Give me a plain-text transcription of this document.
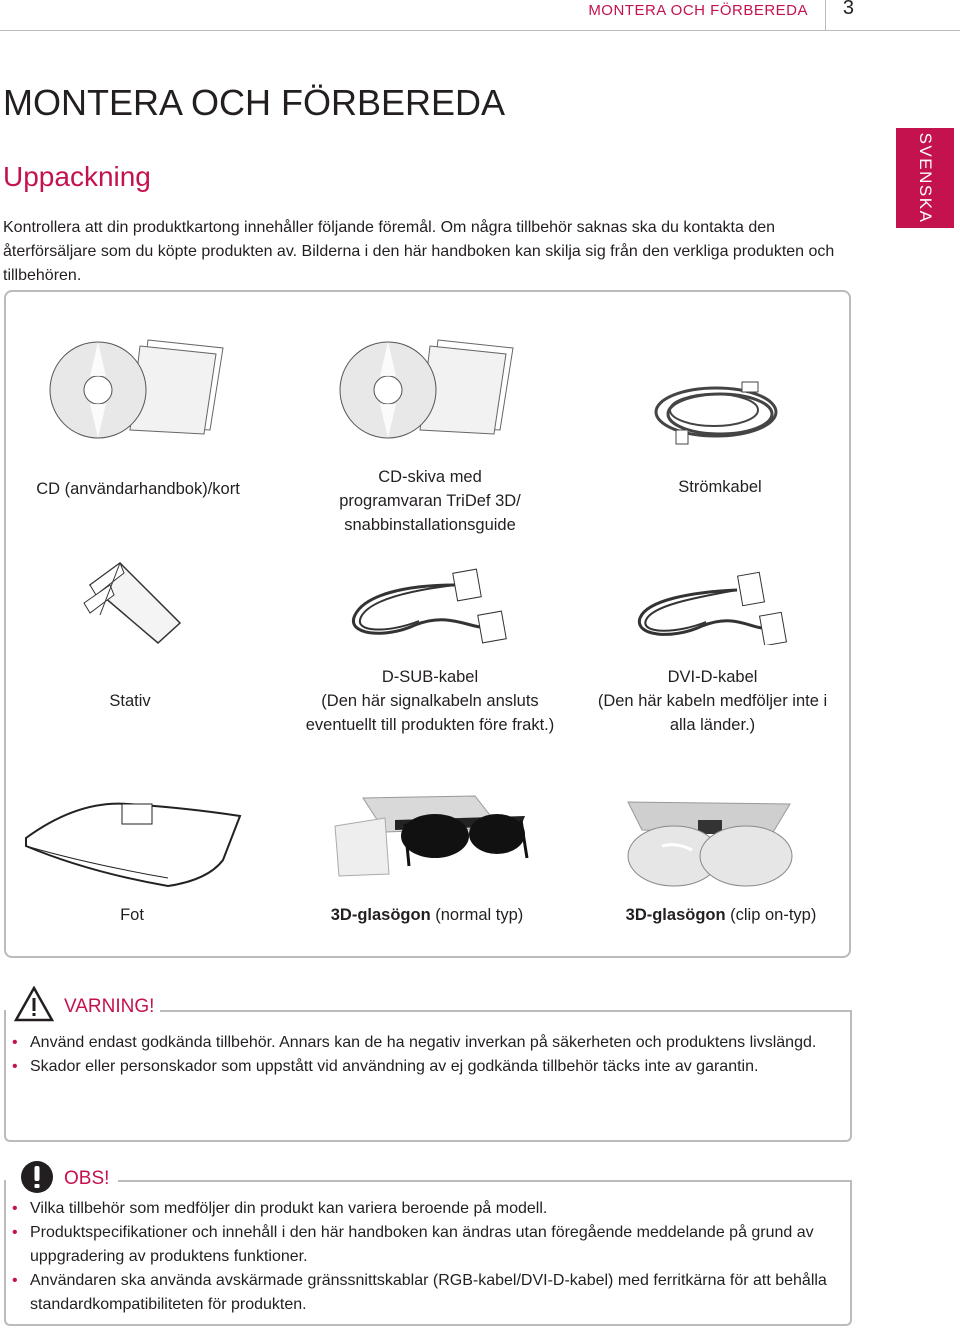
MONTERA OCH FÖRBEREDA 3
SVENSKA
MONTERA OCH FÖRBEREDA
Uppackning

Kontrollera att din produktkartong innehåller följande föremål. Om några tillbehör saknas ska du kontakta den återförsäljare som du köpte produkten av. Bilderna i den här handboken kan skilja sig från den verkliga produkten och tillbehören.

CD (användarhandbok)/kort
CD-skiva med
programvaran TriDef 3D/
snabbinstallationsguide
Strömkabel
Stativ
D-SUB-kabel
(Den här signalkabeln ansluts
eventuellt till produkten före frakt.)
DVI-D-kabel
(Den här kabeln medföljer inte i
alla länder.)
Fot	3D-glasögon (normal typ)	3D-glasögon (clip on-typ)
VARNING!
• Använd endast godkända tillbehör. Annars kan de ha negativ inverkan på säkerheten och produktens livslängd.
• Skador eller personskador som uppstått vid användning av ej godkända tillbehör täcks inte av garantin.
OBS!
• Vilka tillbehör som medföljer din produkt kan variera beroende på modell.
• Produktspecifikationer och innehåll i den här handboken kan ändras utan föregående meddelande på grund av uppgradering av produktens funktioner.
• Användaren ska använda avskärmade gränssnittskablar (RGB-kabel/DVI-D-kabel) med ferritkärna för att behålla standardkompatibiliteten för produkten.
